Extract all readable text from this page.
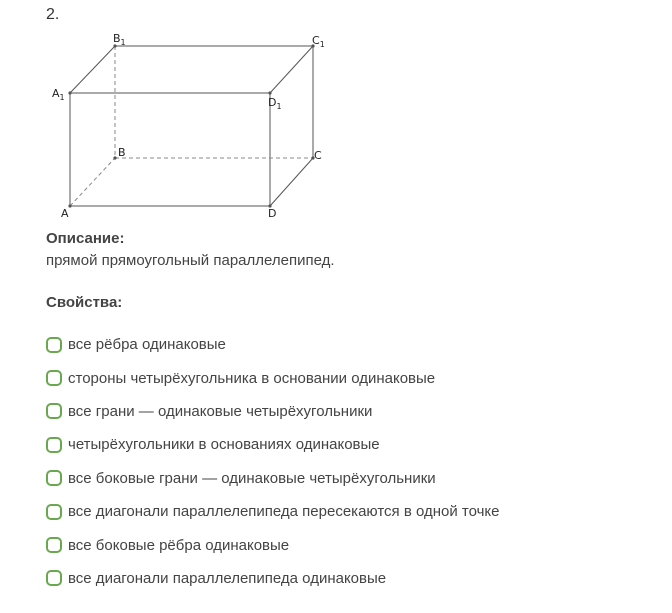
2.
$B_1$	$C_1$
$A_1$	$D_1$
B	C
A	D
Описание:
прямой прямоугольный параллелепипед.
Свойства:
все рёбра одинаковые
стороны четырёхугольника в основании одинаковые
все грани — одинаковые четырёхугольники
четырёхугольники в основаниях одинаковые
все боковые грани — одинаковые четырёхугольники
все диагонали параллелепипеда пересекаются в одной точке
все боковые рёбра одинаковые
все диагонали параллелепипеда одинаковые
